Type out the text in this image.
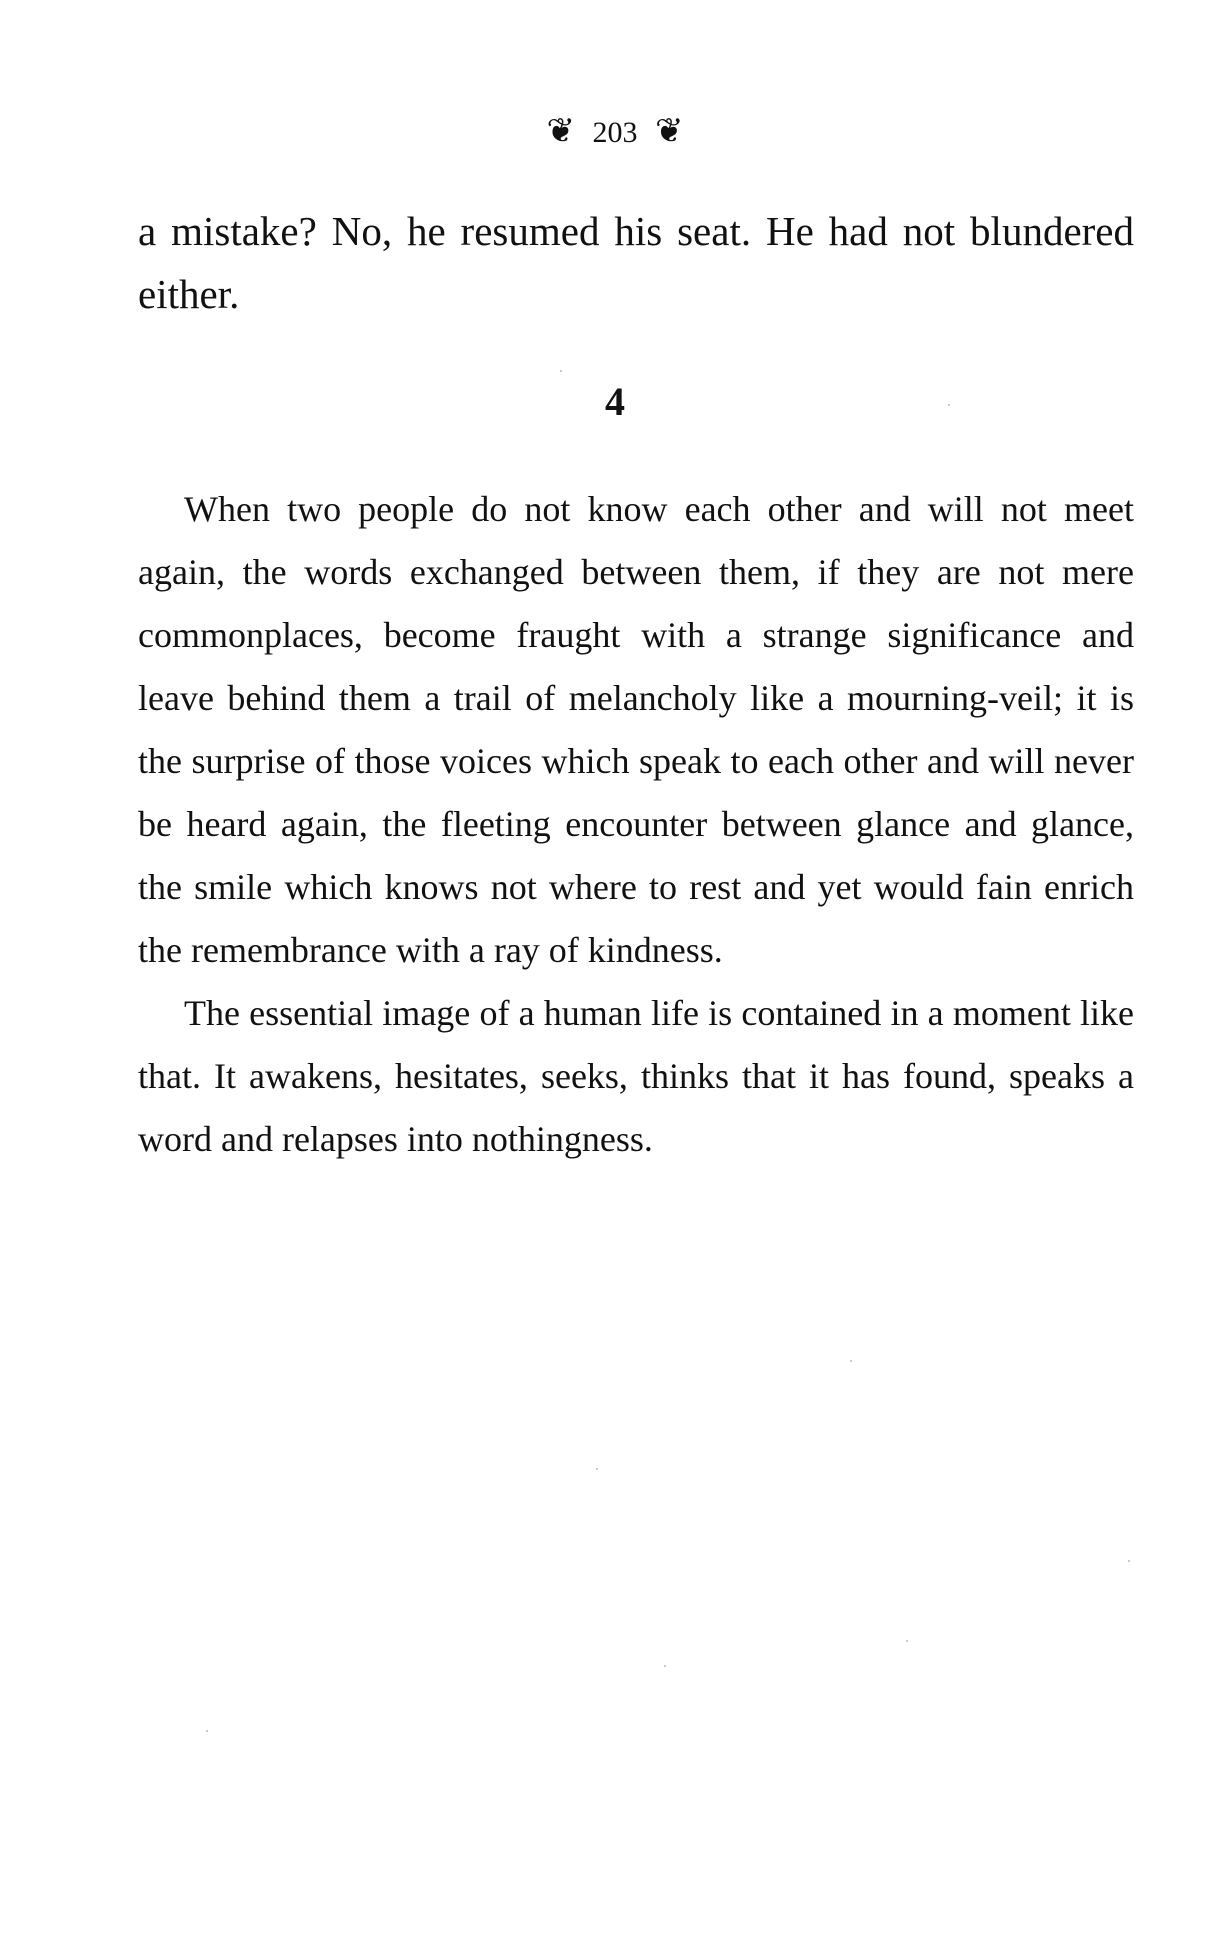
❦ 203 ❦
a mistake? No, he resumed his seat. He had not blundered either.
4

When two people do not know each other and will not meet again, the words exchanged between them, if they are not mere commonplaces, become fraught with a strange significance and leave behind them a trail of melancholy like a mourning-veil; it is the surprise of those voices which speak to each other and will never be heard again, the fleeting encounter between glance and glance, the smile which knows not where to rest and yet would fain enrich the remembrance with a ray of kindness.

The essential image of a human life is contained in a moment like that. It awakens, hesitates, seeks, thinks that it has found, speaks a word and relapses into nothingness.
